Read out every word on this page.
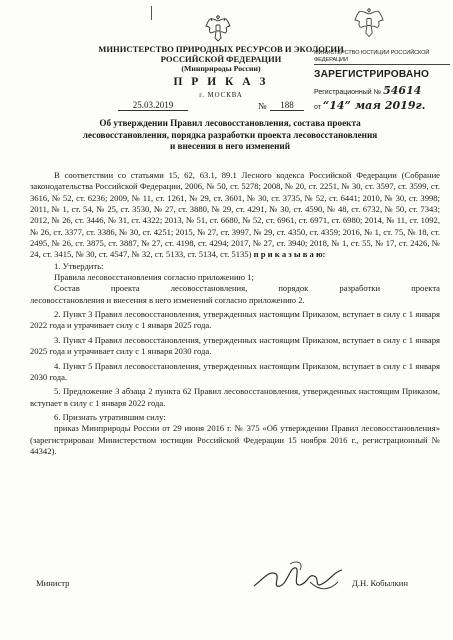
МИНИСТЕРСТВО ПРИРОДНЫХ РЕСУРСОВ И ЭКОЛОГИИ
РОССИЙСКОЙ ФЕДЕРАЦИИ
(Минприроды России)
П Р И К А З
г. МОСКВА
25.03.2019	№	188
МИНИСТЕРСТВО ЮСТИЦИИ РОССИЙСКОЙ ФЕДЕРАЦИИ
ЗАРЕГИСТРИРОВАНО
Регистрационный № 54614
от “14” мая 2019г.
Об утверждении Правил лесовосстановления, состава проекта
лесовосстановления, порядка разработки проекта лесовосстановления
и внесения в него изменений

В соответствии со статьями 15, 62, 63.1, 89.1 Лесного кодекса Российской Федерации (Собрание законодательства Российской Федерации, 2006, № 50, ст. 5278; 2008, № 20, ст. 2251, № 30, ст. 3597, ст. 3599, ст. 3616, № 52, ст. 6236; 2009, № 11, ст. 1261, № 29, ст. 3601, № 30, ст. 3735, № 52, ст. 6441; 2010, № 30, ст. 3998; 2011, № 1, ст. 54, № 25, ст. 3530, № 27, ст. 3880, № 29, ст. 4291, № 30, ст. 4590, № 48, ст. 6732, № 50, ст. 7343; 2012, № 26, ст. 3446, № 31, ст. 4322; 2013, № 51, ст. 6680, № 52, ст. 6961, ст. 6971, ст. 6980; 2014, № 11, ст. 1092, № 26, ст. 3377, ст. 3386, № 30, ст. 4251; 2015, № 27, ст. 3997, № 29, ст. 4350, ст. 4359; 2016, № 1, ст. 75, № 18, ст. 2495, № 26, ст. 3875, ст. 3887, № 27, ст. 4198, ст. 4294; 2017, № 27, ст. 3940; 2018, № 1, ст. 55, № 17, ст. 2426, № 24, ст. 3415, № 30, ст. 4547, № 32, ст. 5133, ст. 5134, ст. 5135) п р и к а з ы в а ю:

1. Утвердить:

Правила лесовосстановления согласно приложению 1;

Состав проекта лесовосстановления, порядок разработки проекта

лесовосстановления и внесения в него изменений согласно приложению 2.

2. Пункт 3 Правил лесовосстановления, утвержденных настоящим Приказом, вступает в силу с 1 января 2022 года и утрачивает силу с 1 января 2025 года.

3. Пункт 4 Правил лесовосстановления, утвержденных настоящим Приказом, вступает в силу с 1 января 2025 года и утрачивает силу с 1 января 2030 года.

4. Пункт 5 Правил лесовосстановления, утвержденных настоящим Приказом, вступает в силу с 1 января 2030 года.

5. Предложение 3 абзаца 2 пункта 62 Правил лесовосстановления, утвержденных настоящим Приказом, вступает в силу с 1 января 2022 года.

6. Признать утратившим силу:

приказ Минприроды России от 29 июня 2016 г. № 375 «Об утверждении Правил лесовосстановления» (зарегистрирован Министерством юстиции Российской Федерации 15 ноября 2016 г., регистрационный № 44342).

Министр	Д.Н. Кобылкин
